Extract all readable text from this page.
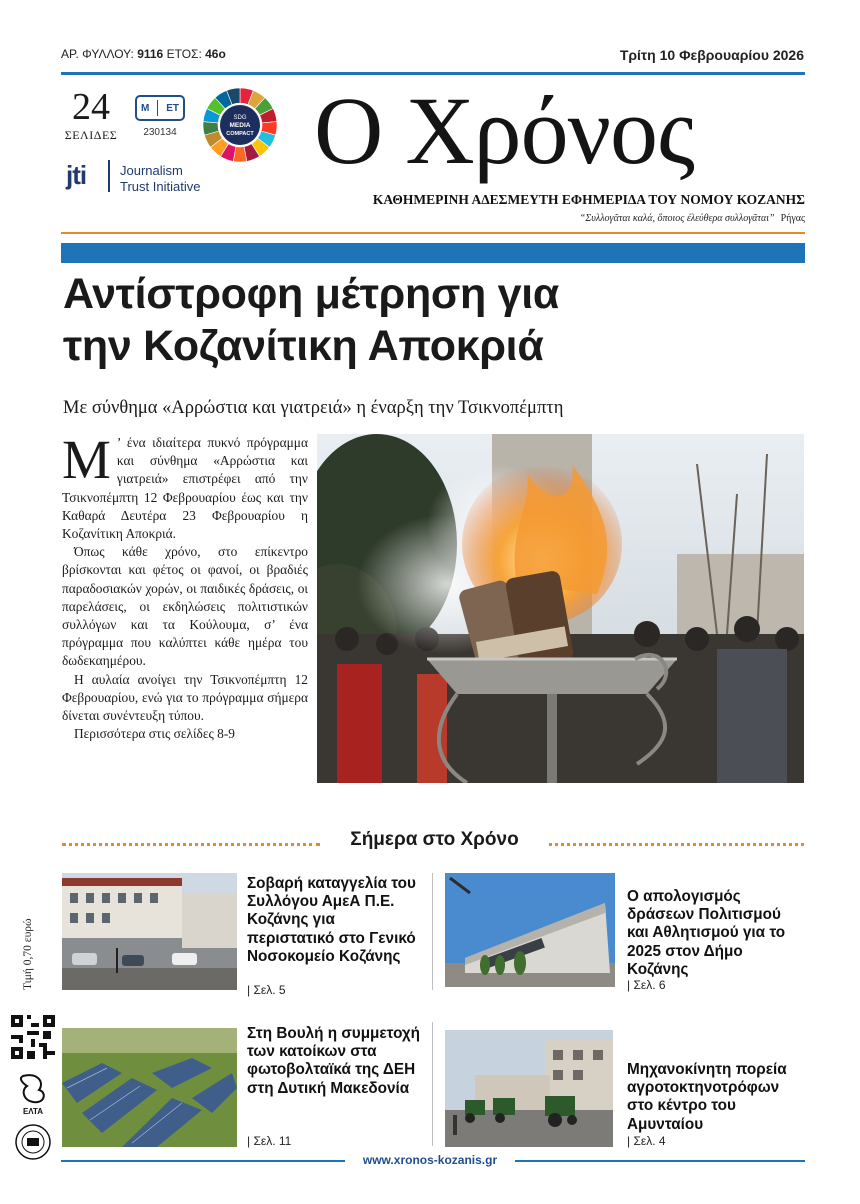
ΑΡ. ΦΥΛΛΟΥ: 9116 ΕΤΟΣ: 46ο	Τρίτη 10 Φεβρουαρίου 2026
24
ΣΕΛΙΔΕΣ
Μ ΕΤ
230134
SDG
MEDIA
COMPACT
jti	Journalism
Trust Initiative
Ο Χρόνος
ΚΑΘΗΜΕΡΙΝΗ ΑΔΕΣΜΕΥΤΗ ΕΦΗΜΕΡΙΔΑ ΤΟΥ ΝΟΜΟΥ ΚΟΖΑΝΗΣ
“Συλλογᾶται καλά, ὅποιος ἐλεύθερα συλλογᾶται” Ρήγας
Αντίστροφη μέτρηση για
την Κοζανίτικη Αποκριά
Με σύνθημα «Αρρώστια και γιατρειά» η έναρξη την Τσικνοπέμπτη

Μ ’ ένα ιδιαίτερα πυκνό πρόγραμμα και σύνθημα «Αρρώστια και γιατρειά» επιστρέφει από την Τσικνοπέμπτη 12 Φεβρουαρίου έως και την Καθαρά Δευτέρα 23 Φεβρουαρίου η Κοζανίτικη Αποκριά.

Όπως κάθε χρόνο, στο επίκεντρο βρίσκονται και φέτος οι φανοί, οι βραδιές παραδοσιακών χορών, οι παιδικές δράσεις, οι παρελάσεις, οι εκδηλώσεις πολιτιστικών συλλόγων και τα Κούλουμα, σ’ ένα πρόγραμμα που καλύπτει κάθε ημέρα του δωδεκαημέρου.

Η αυλαία ανοίγει την Τσικνοπέμπτη 12 Φεβρουαρίου, ενώ για το πρόγραμμα σήμερα δίνεται συνέντευξη τύπου.

Περισσότερα στις σελίδες 8-9

Σήμερα στο Χρόνο
Τιμή 0,70 ευρώ
ΕΛΤΑ
Σοβαρή καταγγελία του Συλλόγου ΑμεΑ Π.Ε. Κοζάνης για περιστατικό στο Γενικό Νοσοκομείο Κοζάνης
| Σελ. 5
Ο απολογισμός δράσεων Πολιτισμού και Αθλητισμού για το 2025 στον Δήμο Κοζάνης
| Σελ. 6
Στη Βουλή η συμμετοχή των κατοίκων στα φωτοβολταϊκά της ΔΕΗ στη Δυτική Μακεδονία
| Σελ. 11
Μηχανοκίνητη πορεία αγροτοκτηνοτρόφων στο κέντρο του Αμυνταίου
| Σελ. 4
www.xronos-kozanis.gr
